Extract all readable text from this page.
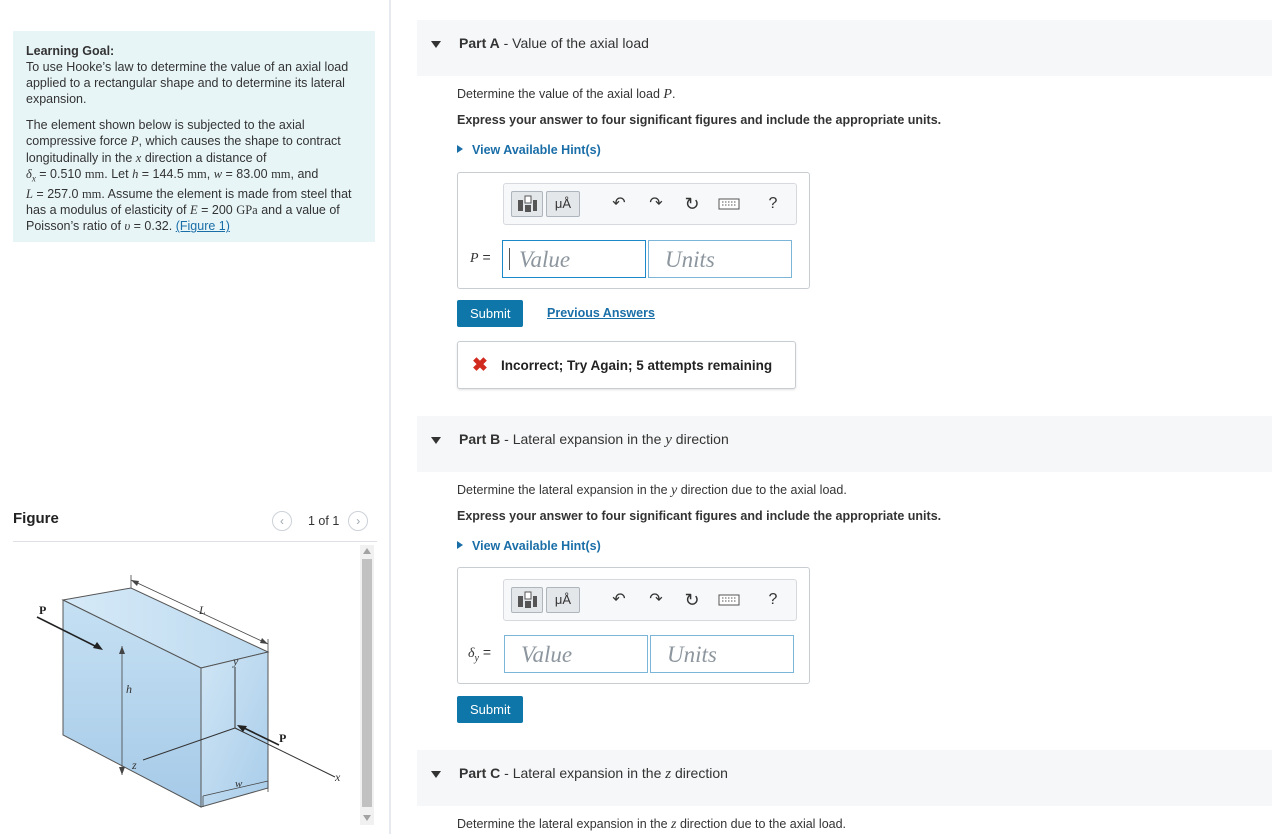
Learning Goal:
To use Hooke’s law to determine the value of an axial load applied to a rectangular shape and to determine its lateral expansion.

The element shown below is subjected to the axial compressive force P, which causes the shape to contract longitudinally in the x direction a distance of
$\delta_x = 0.510$ mm. Let h = 144.5 mm, w = 83.00 mm, and
L = 257.0 mm. Assume the element is made from steel that has a modulus of elasticity of E = 200 GPa and a value of Poisson’s ratio of υ = 0.32. (Figure 1)

Figure	‹	1 of 1	›
L
h
y
x
z
w
P
P
Part A - Value of the axial load
Determine the value of the axial load P.
Express your answer to four significant figures and include the appropriate units.
View Available Hint(s)
μÅ	↶	↷ ↻	?
P =	Value	Units
Submit	Previous Answers
✖ Incorrect; Try Again; 5 attempts remaining
Part B - Lateral expansion in the y direction
Determine the lateral expansion in the y direction due to the axial load.
Express your answer to four significant figures and include the appropriate units.
View Available Hint(s)
μÅ	↶	↷ ↻	?
$\delta_y$ =	Value	Units
Submit
Part C - Lateral expansion in the z direction
Determine the lateral expansion in the z direction due to the axial load.
